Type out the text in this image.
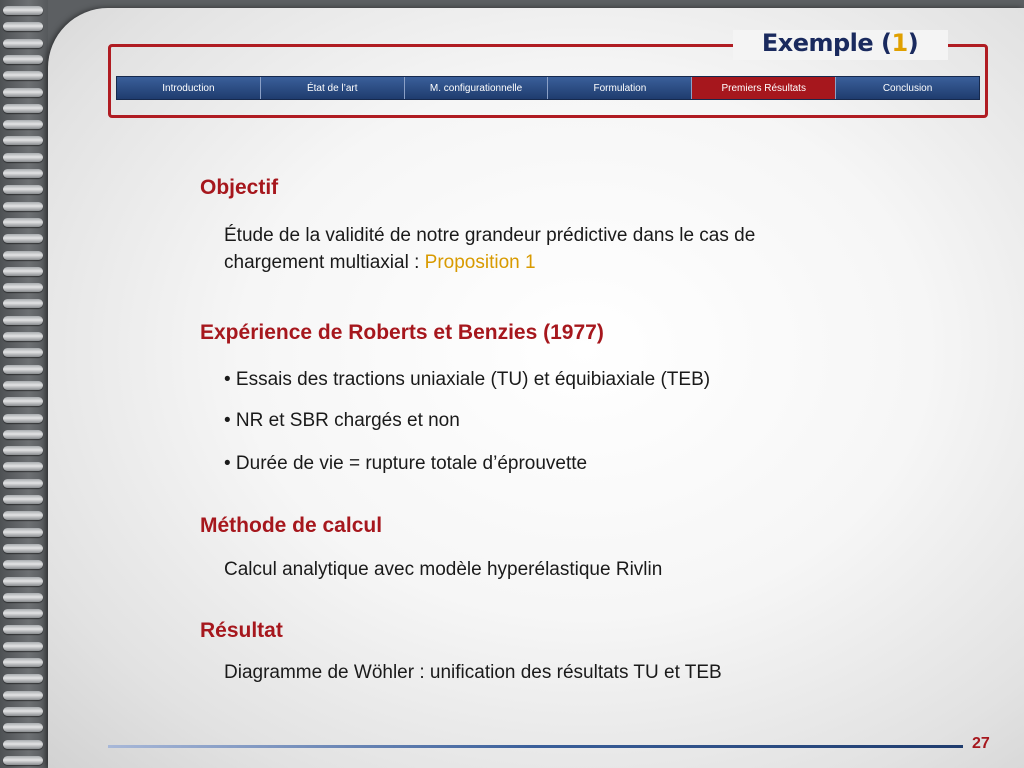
Exemple (1)
Introduction	État de l’art	M. configurationnelle	Formulation	Premiers Résultats	Conclusion
Objectif
Étude de la validité de notre grandeur prédictive dans le cas de
chargement multiaxial : Proposition 1
Expérience de Roberts et Benzies (1977)
• Essais des tractions uniaxiale (TU) et équibiaxiale (TEB)
• NR et SBR chargés et non
• Durée de vie = rupture totale d’éprouvette
Méthode de calcul
Calcul analytique avec modèle hyperélastique Rivlin
Résultat
Diagramme de Wöhler : unification des résultats TU et TEB
27
